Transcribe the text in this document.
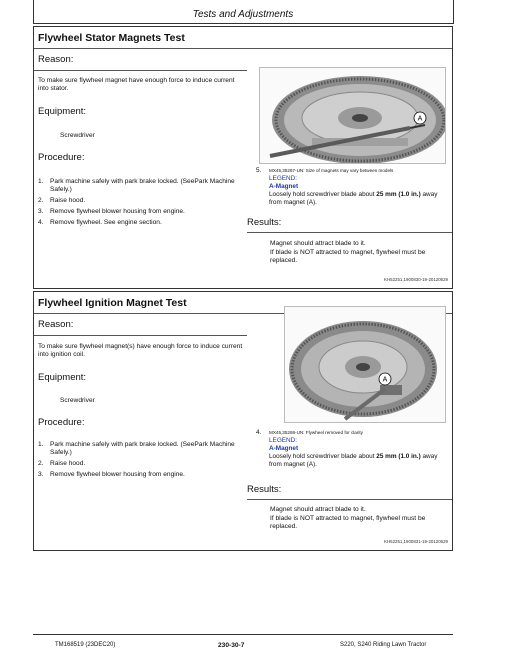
Tests and Adjustments
Flywheel Stator Magnets Test
Reason:
To make sure flywheel magnet have enough force to induce current into stator.
Equipment:
Screwdriver
Procedure:
1. Park machine safely with park brake locked. (SeePark Machine Safely.)
2. Raise hood.
3. Remove flywheel blower housing from engine.
4. Remove flywheel. See engine section.
A
5. MX45,35267-UN: Size of magnets may vary between models
LEGEND:
A-Magnet
Loosely hold screwdriver blade about 25 mm (1.0 in.) away from magnet (A).
Results:
Magnet should attract blade to it.
If blade is NOT attracted to magnet, flywheel must be replaced.
KH52251,1900830-19-20120629
Flywheel Ignition Magnet Test
Reason:
To make sure flywheel magnet(s) have enough force to induce current into ignition coil.
Equipment:
Screwdriver
Procedure:
1. Park machine safely with park brake locked. (SeePark Machine Safely.)
2. Raise hood.
3. Remove flywheel blower housing from engine.
A
4. MX45,35268-UN: Flywheel removed for clarity
LEGEND:
A-Magnet
Loosely hold screwdriver blade about 25 mm (1.0 in.) away from magnet (A).
Results:
Magnet should attract blade to it.
If blade is NOT attracted to magnet, flywheel must be replaced.
KH52251,1900831-19-20120629
TM168519 (23DEC20)	230-30-7	S220, S240 Riding Lawn Tractor
